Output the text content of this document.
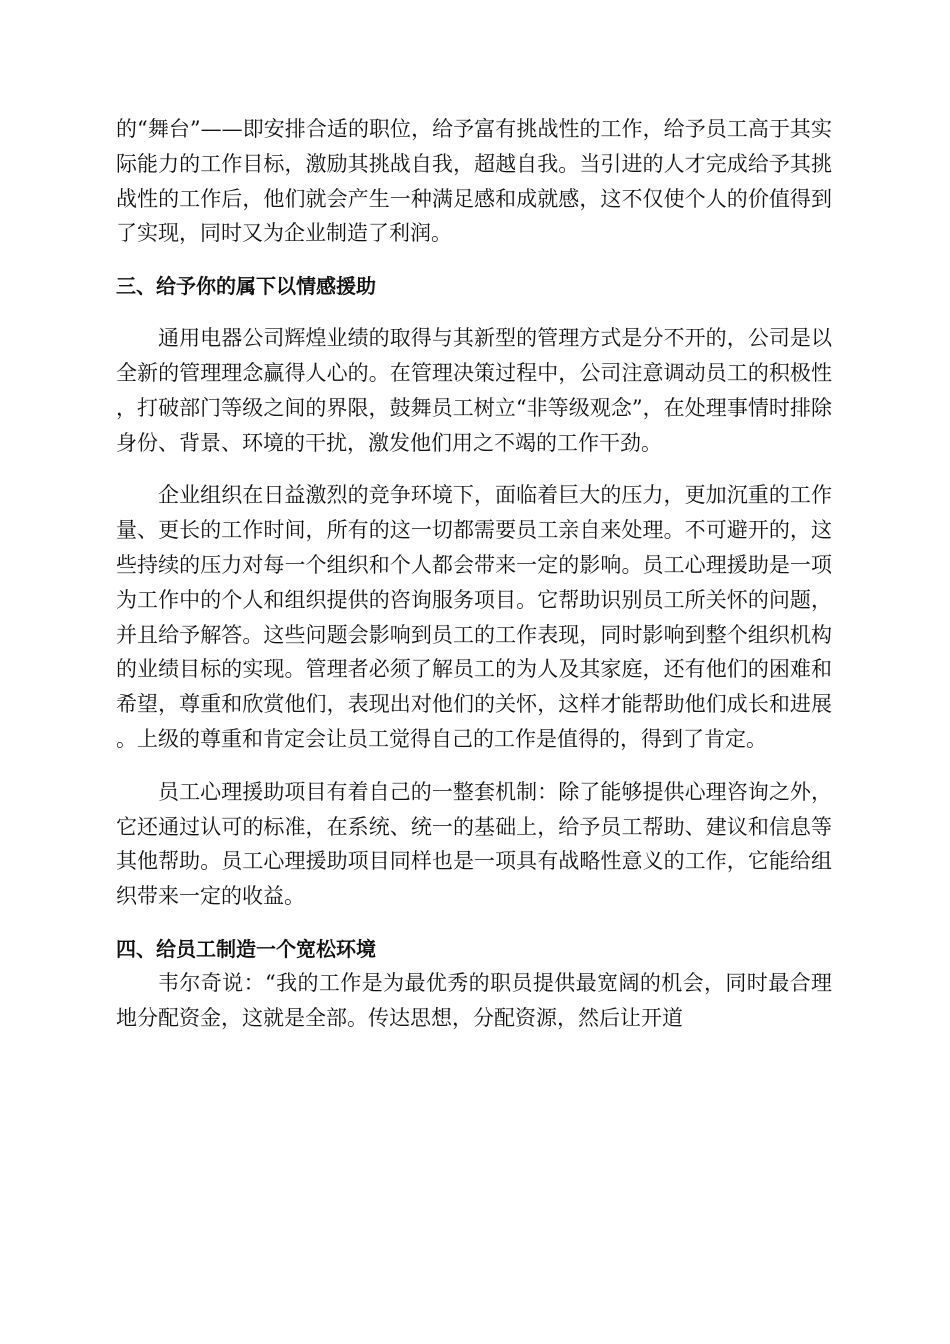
的“舞台”——即安排合适的职位，给予富有挑战性的工作，给予员工高于其实际能力的工作目标，激励其挑战自我，超越自我。当引进的人才完成给予其挑战性的工作后，他们就会产生一种满足感和成就感，这不仅使个人的价值得到了实现，同时又为企业制造了利润。

三、给予你的属下以情感援助

通用电器公司辉煌业绩的取得与其新型的管理方式是分不开的，公司是以全新的管理理念赢得人心的。在管理决策过程中，公司注意调动员工的积极性，打破部门等级之间的界限，鼓舞员工树立“非等级观念”，在处理事情时排除身份、背景、环境的干扰，激发他们用之不竭的工作干劲。

企业组织在日益激烈的竞争环境下，面临着巨大的压力，更加沉重的工作量、更长的工作时间，所有的这一切都需要员工亲自来处理。不可避开的，这些持续的压力对每一个组织和个人都会带来一定的影响。员工心理援助是一项为工作中的个人和组织提供的咨询服务项目。它帮助识别员工所关怀的问题，并且给予解答。这些问题会影响到员工的工作表现，同时影响到整个组织机构的业绩目标的实现。管理者必须了解员工的为人及其家庭，还有他们的困难和希望，尊重和欣赏他们，表现出对他们的关怀，这样才能帮助他们成长和进展。上级的尊重和肯定会让员工觉得自己的工作是值得的，得到了肯定。

员工心理援助项目有着自己的一整套机制：除了能够提供心理咨询之外，它还通过认可的标准，在系统、统一的基础上，给予员工帮助、建议和信息等其他帮助。员工心理援助项目同样也是一项具有战略性意义的工作，它能给组织带来一定的收益。

四、给员工制造一个宽松环境

韦尔奇说：“我的工作是为最优秀的职员提供最宽阔的机会，同时最合理地分配资金，这就是全部。传达思想，分配资源，然后让开道
